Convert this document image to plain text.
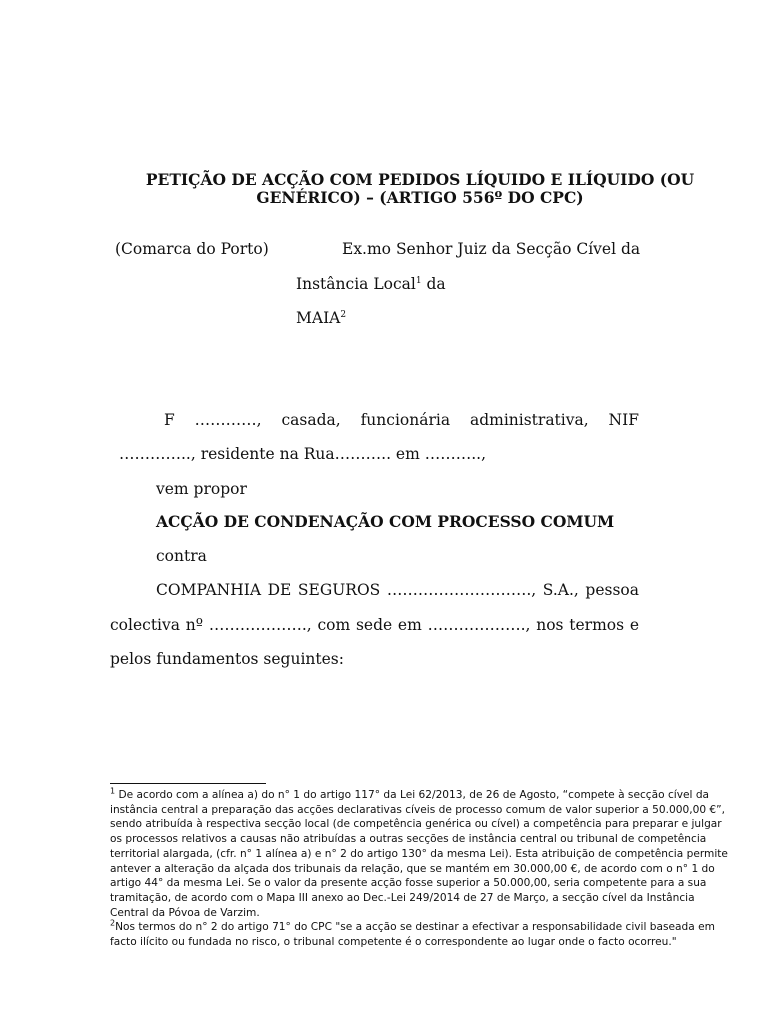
PETIÇÃO DE ACÇÃO COM PEDIDOS LÍQUIDO E ILÍQUIDO (OU GENÉRICO) – (ARTIGO 556º DO CPC)
(Comarca do Porto)	Ex.mo Senhor Juiz da Secção Cível da
Instância Local$^1$ da
MAIA$^2$
F …………, casada, funcionária administrativa, NIF
………….., residente na Rua……….. em ………..,
vem propor
ACÇÃO DE CONDENAÇÃO COM PROCESSO COMUM
contra
COMPANHIA DE SEGUROS ………………………., S.A., pessoa
colectiva nº ………………., com sede em ………………., nos termos e
pelos fundamentos seguintes:

$^1$ De acordo com a alínea a) do n° 1 do artigo 117° da Lei 62/2013, de 26 de Agosto, “compete à secção cível da instância central a preparação das acções declarativas cíveis de processo comum de valor superior a 50.000,00 €”, sendo atribuída à respectiva secção local (de competência genérica ou cível) a competência para preparar e julgar os processos relativos a causas não atribuídas a outras secções de instância central ou tribunal de competência territorial alargada, (cfr. n° 1 alínea a) e n° 2 do artigo 130° da mesma Lei). Esta atribuição de competência permite antever a alteração da alçada dos tribunais da relação, que se mantém em 30.000,00 €, de acordo com o n° 1 do artigo 44° da mesma Lei. Se o valor da presente acção fosse superior a 50.000,00, seria competente para a sua tramitação, de acordo com o Mapa III anexo ao Dec.-Lei 249/2014 de 27 de Março, a secção cível da Instância Central da Póvoa de Varzim.

$^2$Nos termos do n° 2 do artigo 71° do CPC "se a acção se destinar a efectivar a responsabilidade civil baseada em facto ilícito ou fundada no risco, o tribunal competente é o correspondente ao lugar onde o facto ocorreu."
